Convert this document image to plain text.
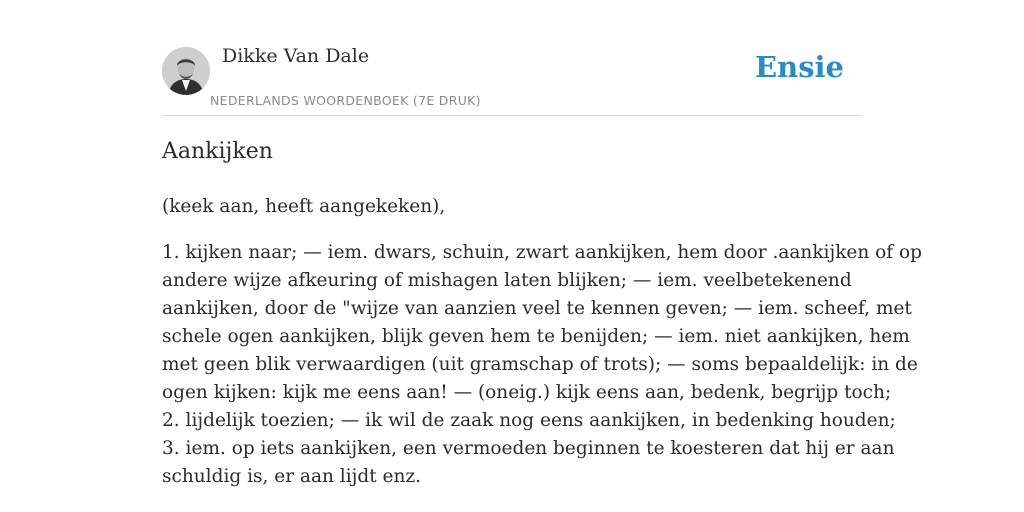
Dikke Van Dale
NEDERLANDS WOORDENBOEK (7E DRUK)
Ensie
Aankijken
(keek aan, heeft aangekeken),
1. kijken naar; — iem. dwars, schuin, zwart aankijken, hem door .aankijken of op
andere wijze afkeuring of mishagen laten blijken; — iem. veelbetekenend
aankijken, door de "wijze van aanzien veel te kennen geven; — iem. scheef, met
schele ogen aankijken, blijk geven hem te benijden; — iem. niet aankijken, hem
met geen blik verwaardigen (uit gramschap of trots); — soms bepaaldelijk: in de
ogen kijken: kijk me eens aan! — (oneig.) kijk eens aan, bedenk, begrijp toch;
2. lijdelijk toezien; — ik wil de zaak nog eens aankijken, in bedenking houden;
3. iem. op iets aankijken, een vermoeden beginnen te koesteren dat hij er aan
schuldig is, er aan lijdt enz.
